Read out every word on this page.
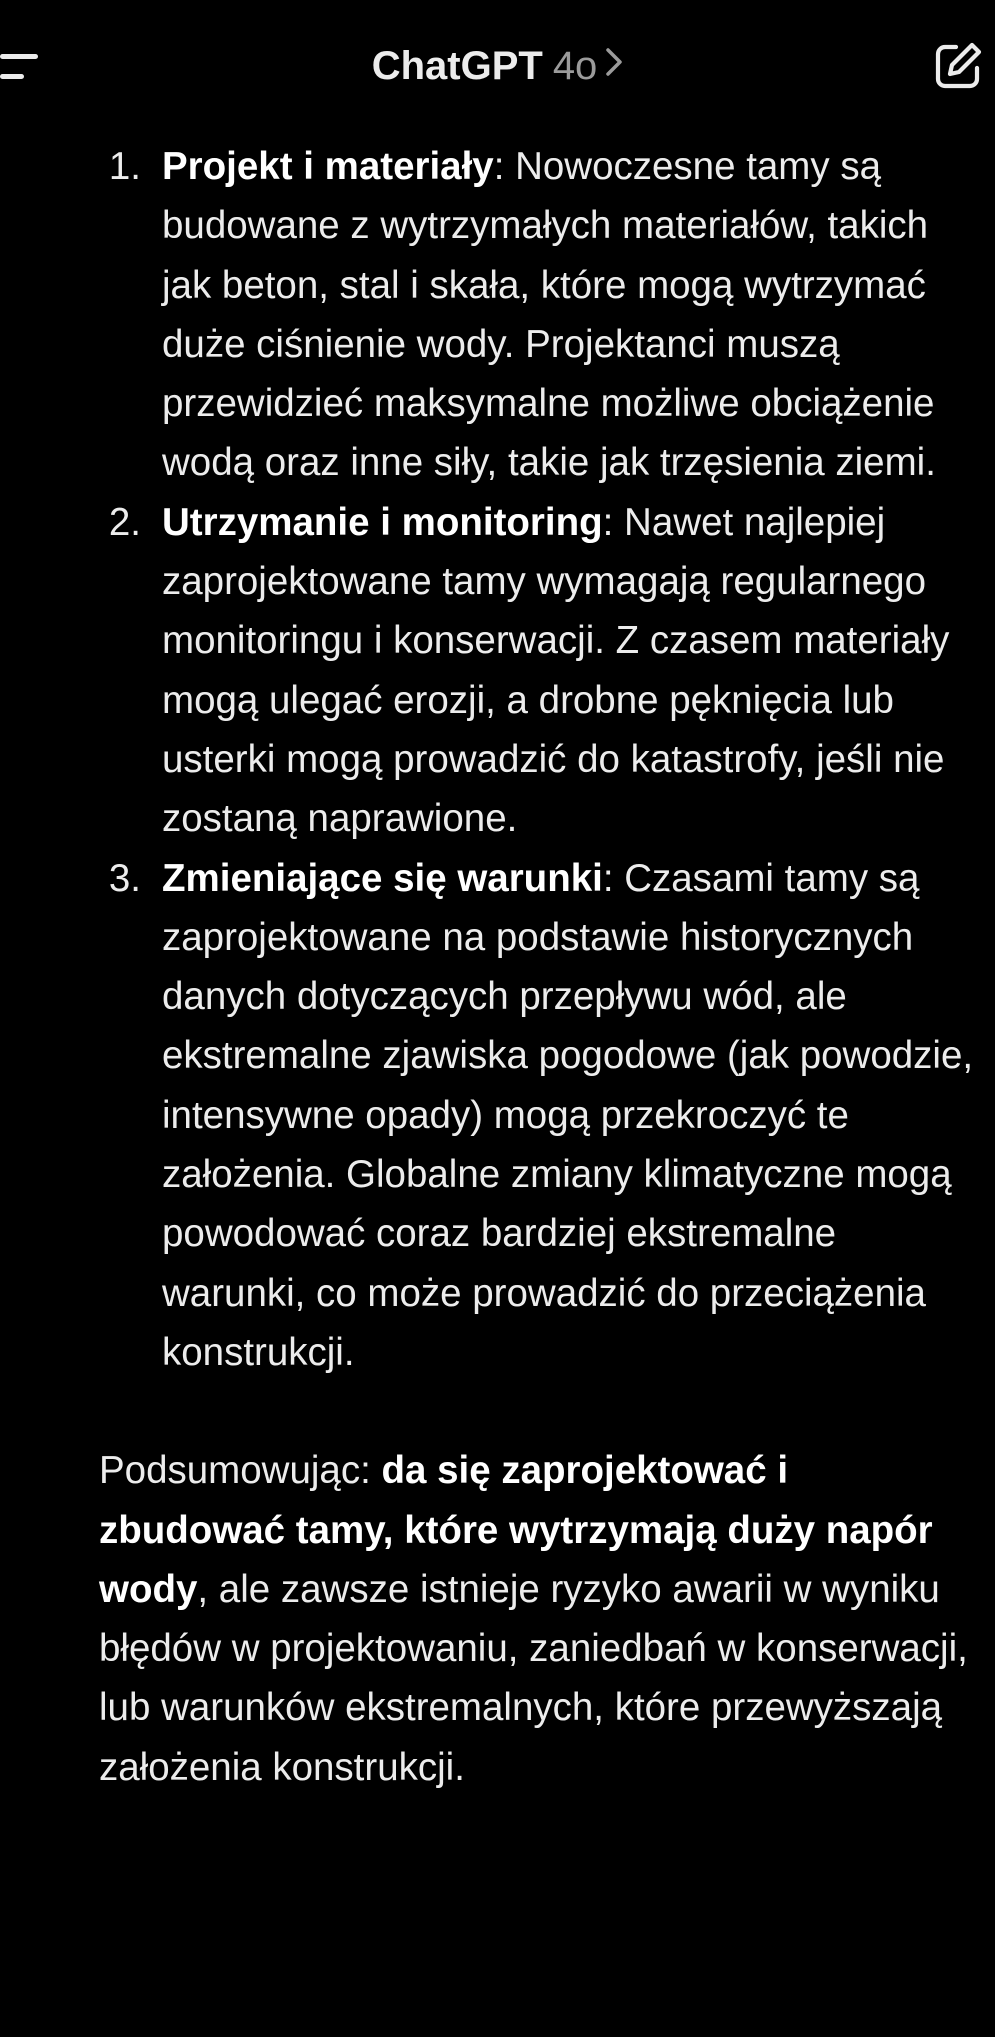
ChatGPT 4o
1. Projekt i materiały: Nowoczesne tamy są budowane z wytrzymałych materiałów, takich jak beton, stal i skała, które mogą wytrzymać duże ciśnienie wody. Projektanci muszą przewidzieć maksymalne możliwe obciążenie wodą oraz inne siły, takie jak trzęsienia ziemi.
2. Utrzymanie i monitoring: Nawet najlepiej zaprojektowane tamy wymagają regularnego monitoringu i konserwacji. Z czasem materiały mogą ulegać erozji, a drobne pęknięcia lub usterki mogą prowadzić do katastrofy, jeśli nie zostaną naprawione.
3. Zmieniające się warunki: Czasami tamy są zaprojektowane na podstawie historycznych danych dotyczących przepływu wód, ale ekstremalne zjawiska pogodowe (jak powodzie, intensywne opady) mogą przekroczyć te założenia. Globalne zmiany klimatyczne mogą powodować coraz bardziej ekstremalne warunki, co może prowadzić do przeciążenia konstrukcji.

Podsumowując: da się zaprojektować i zbudować tamy, które wytrzymają duży napór wody, ale zawsze istnieje ryzyko awarii w wyniku błędów w projektowaniu, zaniedbań w konserwacji, lub warunków ekstremalnych, które przewyższają założenia konstrukcji.
